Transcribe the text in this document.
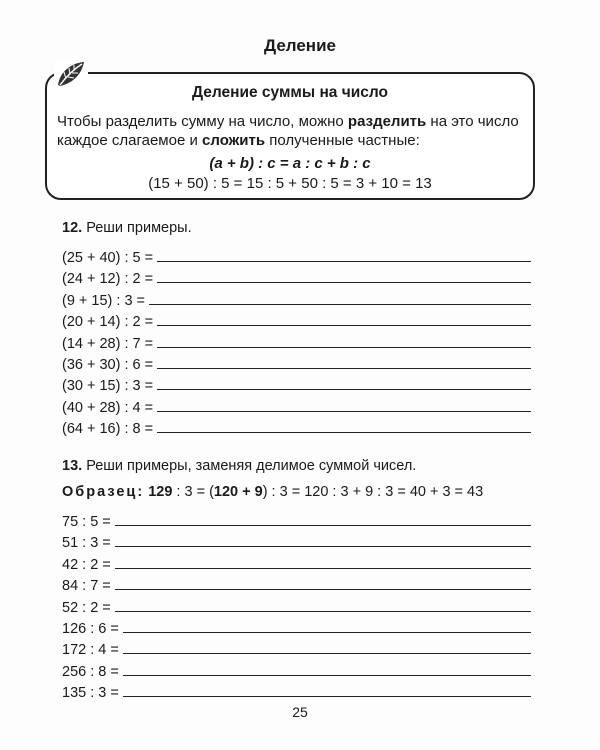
Деление
Деление суммы на число
Чтобы разделить сумму на число, можно разделить на это число каждое слагаемое и сложить полученные частные:
(a + b) : c = a : c + b : c
(15 + 50) : 5 = 15 : 5 + 50 : 5 = 3 + 10 = 13
12. Реши примеры.
(25 + 40) : 5 =
(24 + 12) : 2 =
(9 + 15) : 3 =
(20 + 14) : 2 =
(14 + 28) : 7 =
(36 + 30) : 6 =
(30 + 15) : 3 =
(40 + 28) : 4 =
(64 + 16) : 8 =
13. Реши примеры, заменяя делимое суммой чисел.
Образец: 129 : 3 = (120 + 9) : 3 = 120 : 3 + 9 : 3 = 40 + 3 = 43
75 : 5 =
51 : 3 =
42 : 2 =
84 : 7 =
52 : 2 =
126 : 6 =
172 : 4 =
256 : 8 =
135 : 3 =
25
